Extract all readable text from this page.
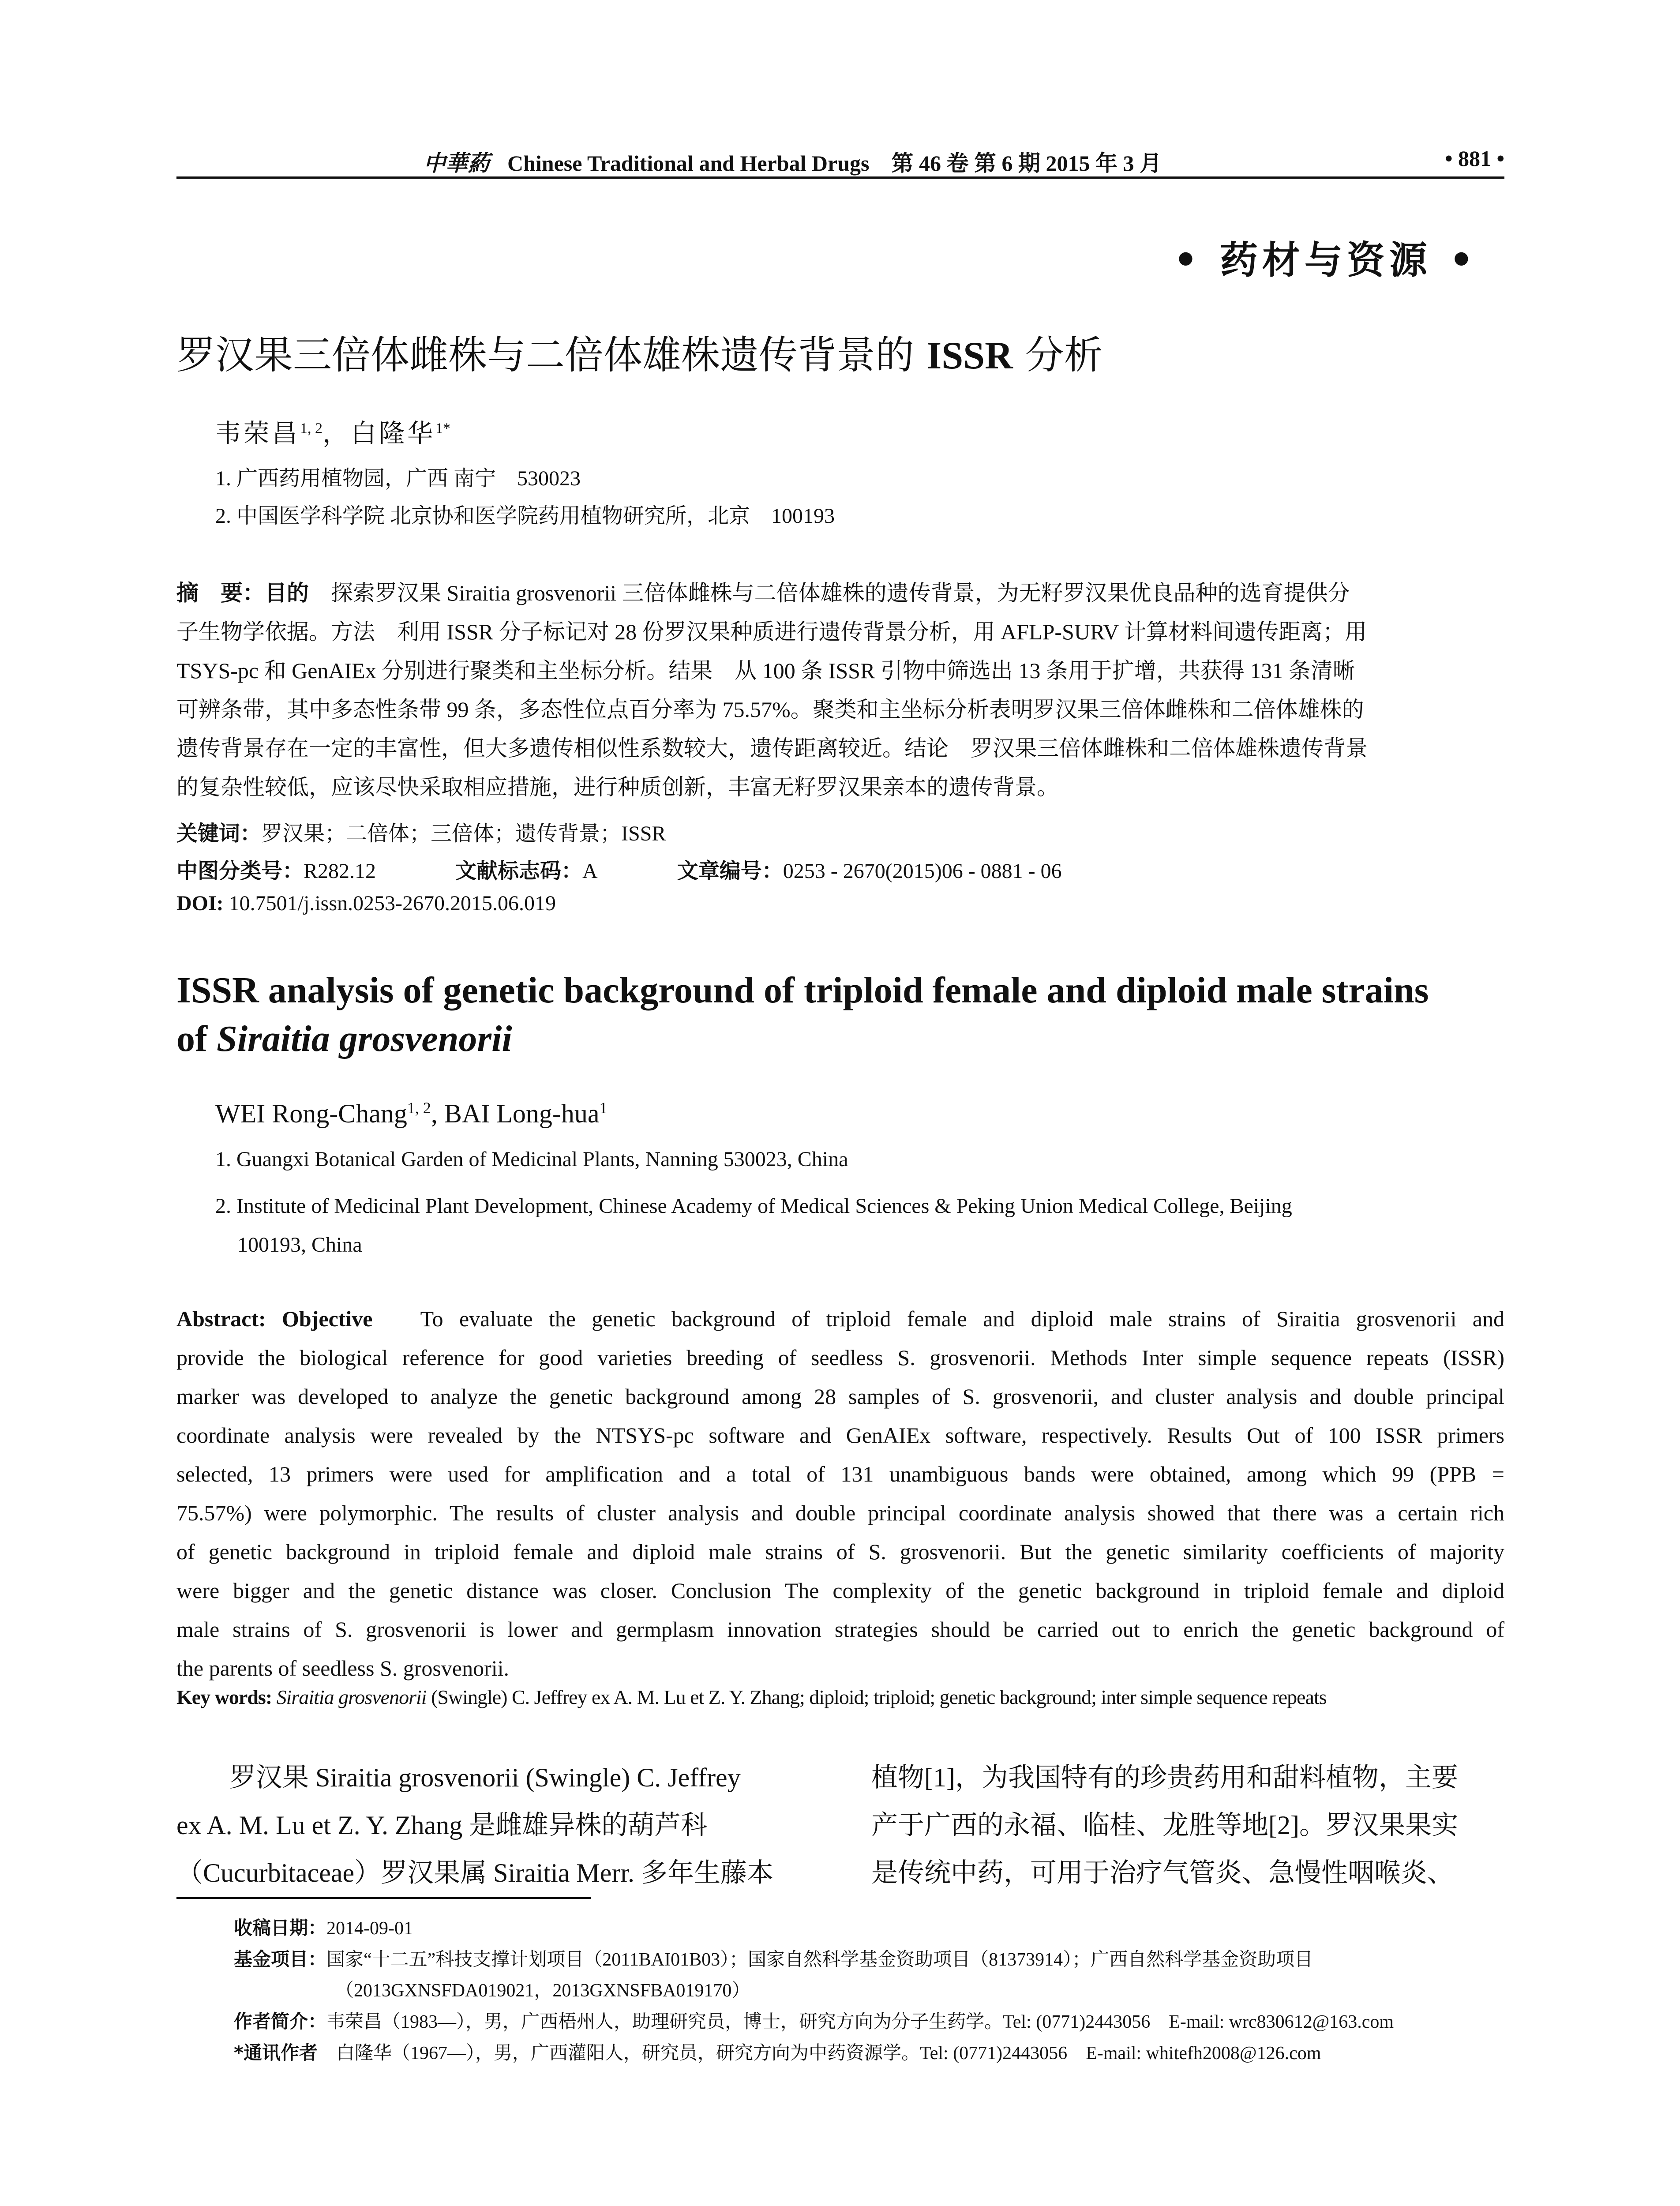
中華葯 Chinese Traditional and Herbal Drugs　第 46 卷 第 6 期 2015 年 3 月	• 881 •
• 药材与资源 •
罗汉果三倍体雌株与二倍体雄株遗传背景的 ISSR 分析
韦荣昌$^{1, 2}$，白隆华$^{1*}$
1. 广西药用植物园，广西 南宁　530023
2. 中国医学科学院 北京协和医学院药用植物研究所，北京　100193
摘　要：目的　探索罗汉果 Siraitia grosvenorii 三倍体雌株与二倍体雄株的遗传背景，为无籽罗汉果优良品种的选育提供分
子生物学依据。方法　利用 ISSR 分子标记对 28 份罗汉果种质进行遗传背景分析，用 AFLP-SURV 计算材料间遗传距离；用
TSYS-pc 和 GenAIEx 分别进行聚类和主坐标分析。结果　从 100 条 ISSR 引物中筛选出 13 条用于扩增，共获得 131 条清晰
可辨条带，其中多态性条带 99 条，多态性位点百分率为 75.57%。聚类和主坐标分析表明罗汉果三倍体雌株和二倍体雄株的
遗传背景存在一定的丰富性，但大多遗传相似性系数较大，遗传距离较近。结论　罗汉果三倍体雌株和二倍体雄株遗传背景
的复杂性较低，应该尽快采取相应措施，进行种质创新，丰富无籽罗汉果亲本的遗传背景。
关键词：罗汉果；二倍体；三倍体；遗传背景；ISSR
中图分类号：R282.12	文献标志码：A	文章编号：0253 - 2670(2015)06 - 0881 - 06
DOI: 10.7501/j.issn.0253-2670.2015.06.019
ISSR analysis of genetic background of triploid female and diploid male strains
of Siraitia grosvenorii
WEI Rong-Chang$^{1, 2}$, BAI Long-hua$^1$
1. Guangxi Botanical Garden of Medicinal Plants, Nanning 530023, China
2. Institute of Medicinal Plant Development, Chinese Academy of Medical Sciences & Peking Union Medical College, Beijing
100193, China
Abstract: Objective To evaluate the genetic background of triploid female and diploid male strains of Siraitia grosvenorii and
provide the biological reference for good varieties breeding of seedless S. grosvenorii. Methods Inter simple sequence repeats (ISSR)
marker was developed to analyze the genetic background among 28 samples of S. grosvenorii, and cluster analysis and double principal
coordinate analysis were revealed by the NTSYS-pc software and GenAIEx software, respectively. Results Out of 100 ISSR primers
selected, 13 primers were used for amplification and a total of 131 unambiguous bands were obtained, among which 99 (PPB =
75.57%) were polymorphic. The results of cluster analysis and double principal coordinate analysis showed that there was a certain rich
of genetic background in triploid female and diploid male strains of S. grosvenorii. But the genetic similarity coefficients of majority
were bigger and the genetic distance was closer. Conclusion The complexity of the genetic background in triploid female and diploid
male strains of S. grosvenorii is lower and germplasm innovation strategies should be carried out to enrich the genetic background of
the parents of seedless S. grosvenorii.
Key words: Siraitia grosvenorii (Swingle) C. Jeffrey ex A. M. Lu et Z. Y. Zhang; diploid; triploid; genetic background; inter simple sequence repeats
　　罗汉果 Siraitia grosvenorii (Swingle) C. Jeffrey
ex A. M. Lu et Z. Y. Zhang 是雌雄异株的葫芦科
（Cucurbitaceae）罗汉果属 Siraitia Merr. 多年生藤本
植物[1]，为我国特有的珍贵药用和甜料植物，主要
产于广西的永福、临桂、龙胜等地[2]。罗汉果果实
是传统中药，可用于治疗气管炎、急慢性咽喉炎、
收稿日期：2014-09-01
基金项目：国家“十二五”科技支撑计划项目（2011BAI01B03）；国家自然科学基金资助项目（81373914）；广西自然科学基金资助项目
（2013GXNSFDA019021，2013GXNSFBA019170）
作者简介：韦荣昌（1983—），男，广西梧州人，助理研究员，博士，研究方向为分子生药学。Tel: (0771)2443056　E-mail: wrc830612@163.com
*通讯作者　白隆华（1967—），男，广西灌阳人，研究员，研究方向为中药资源学。Tel: (0771)2443056　E-mail: whitefh2008@126.com
